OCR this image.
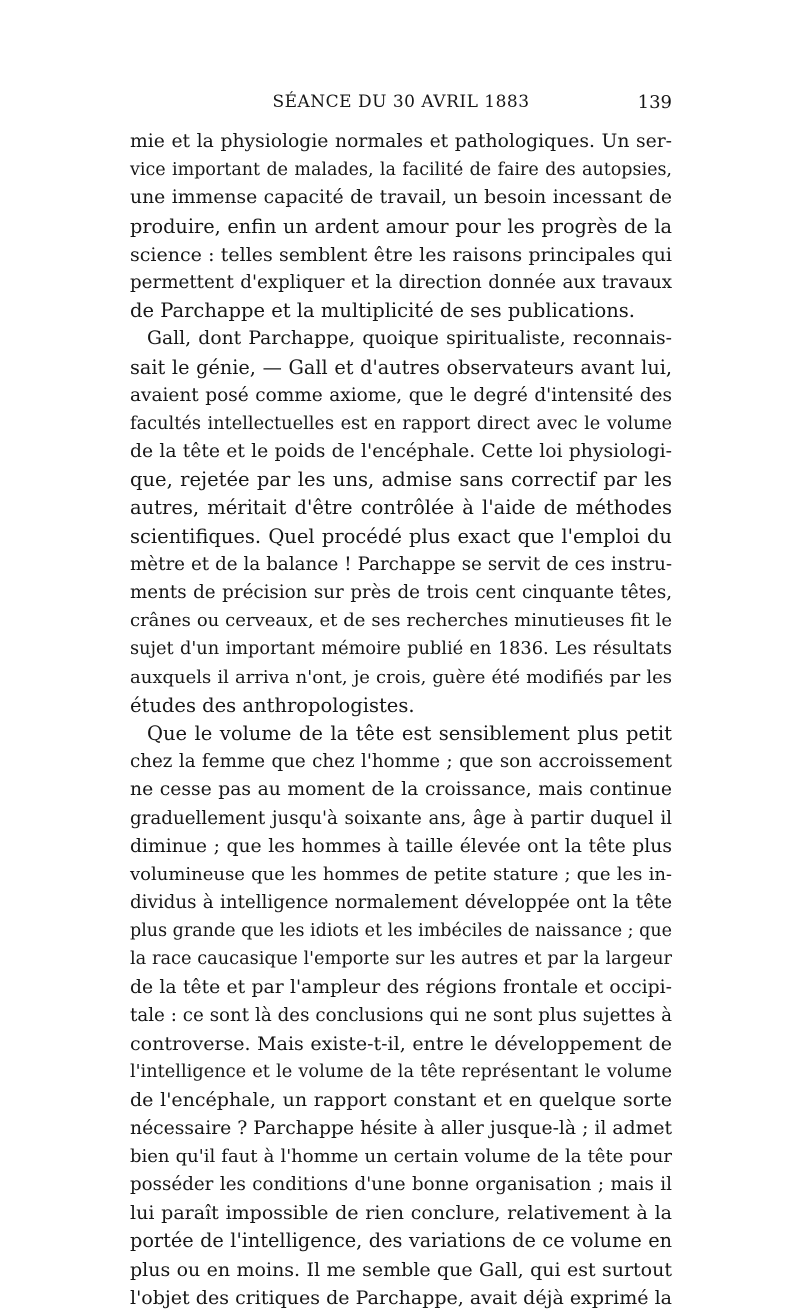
SÉANCE DU 30 AVRIL 1883	139
mie et la physiologie normales et pathologiques. Un ser-
vice important de malades, la facilité de faire des autopsies,
une immense capacité de travail, un besoin incessant de
produire, enfin un ardent amour pour les progrès de la
science : telles semblent être les raisons principales qui
permettent d'expliquer et la direction donnée aux travaux
de Parchappe et la multiplicité de ses publications.
Gall, dont Parchappe, quoique spiritualiste, reconnais-
sait le génie, — Gall et d'autres observateurs avant lui,
avaient posé comme axiome, que le degré d'intensité des
facultés intellectuelles est en rapport direct avec le volume
de la tête et le poids de l'encéphale. Cette loi physiologi-
que, rejetée par les uns, admise sans correctif par les
autres, méritait d'être contrôlée à l'aide de méthodes
scientifiques. Quel procédé plus exact que l'emploi du
mètre et de la balance ! Parchappe se servit de ces instru-
ments de précision sur près de trois cent cinquante têtes,
crânes ou cerveaux, et de ses recherches minutieuses fit le
sujet d'un important mémoire publié en 1836. Les résultats
auxquels il arriva n'ont, je crois, guère été modifiés par les
études des anthropologistes.
Que le volume de la tête est sensiblement plus petit
chez la femme que chez l'homme ; que son accroissement
ne cesse pas au moment de la croissance, mais continue
graduellement jusqu'à soixante ans, âge à partir duquel il
diminue ; que les hommes à taille élevée ont la tête plus
volumineuse que les hommes de petite stature ; que les in-
dividus à intelligence normalement développée ont la tête
plus grande que les idiots et les imbéciles de naissance ; que
la race caucasique l'emporte sur les autres et par la largeur
de la tête et par l'ampleur des régions frontale et occipi-
tale : ce sont là des conclusions qui ne sont plus sujettes à
controverse. Mais existe-t-il, entre le développement de
l'intelligence et le volume de la tête représentant le volume
de l'encéphale, un rapport constant et en quelque sorte
nécessaire ? Parchappe hésite à aller jusque-là ; il admet
bien qu'il faut à l'homme un certain volume de la tête pour
posséder les conditions d'une bonne organisation ; mais il
lui paraît impossible de rien conclure, relativement à la
portée de l'intelligence, des variations de ce volume en
plus ou en moins. Il me semble que Gall, qui est surtout
l'objet des critiques de Parchappe, avait déjà exprimé la
